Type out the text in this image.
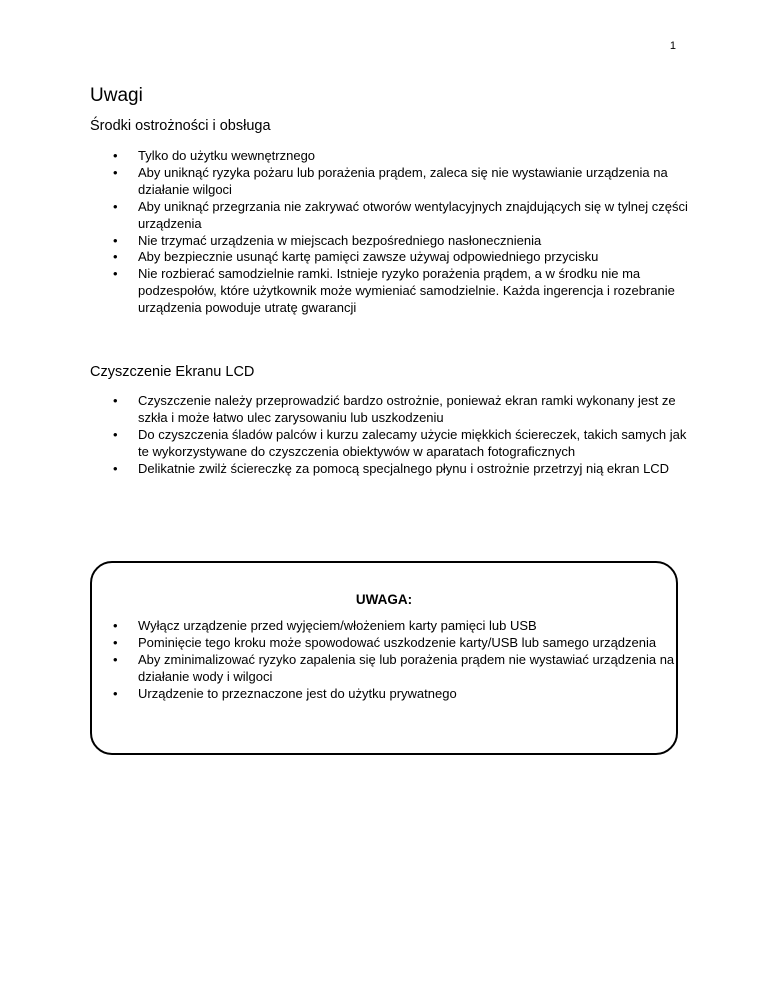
1
Uwagi
Środki ostrożności i obsługa
• Tylko do użytku wewnętrznego
• Aby uniknąć ryzyka pożaru lub porażenia prądem, zaleca się nie wystawianie urządzenia na działanie wilgoci
• Aby uniknąć przegrzania nie zakrywać otworów wentylacyjnych znajdujących się w tylnej części urządzenia
• Nie trzymać urządzenia w miejscach bezpośredniego nasłonecznienia
• Aby bezpiecznie usunąć kartę pamięci zawsze używaj odpowiedniego przycisku
• Nie rozbierać samodzielnie ramki. Istnieje ryzyko porażenia prądem, a w środku nie ma podzespołów, które użytkownik może wymieniać samodzielnie. Każda ingerencja i rozebranie urządzenia powoduje utratę gwarancji
Czyszczenie Ekranu LCD
• Czyszczenie należy przeprowadzić bardzo ostrożnie, ponieważ ekran ramki wykonany jest ze szkła i może łatwo ulec zarysowaniu lub uszkodzeniu
• Do czyszczenia śladów palców i kurzu zalecamy użycie miękkich ściereczek, takich samych jak te wykorzystywane do czyszczenia obiektywów w aparatach fotograficznych
• Delikatnie zwilż ściereczkę za pomocą specjalnego płynu i ostrożnie przetrzyj nią ekran LCD
UWAGA:
• Wyłącz urządzenie przed wyjęciem/włożeniem karty pamięci lub USB
• Pominięcie tego kroku może spowodować uszkodzenie karty/USB lub samego urządzenia
• Aby zminimalizować ryzyko zapalenia się lub porażenia prądem nie wystawiać urządzenia na działanie wody i wilgoci
• Urządzenie to przeznaczone jest do użytku prywatnego
